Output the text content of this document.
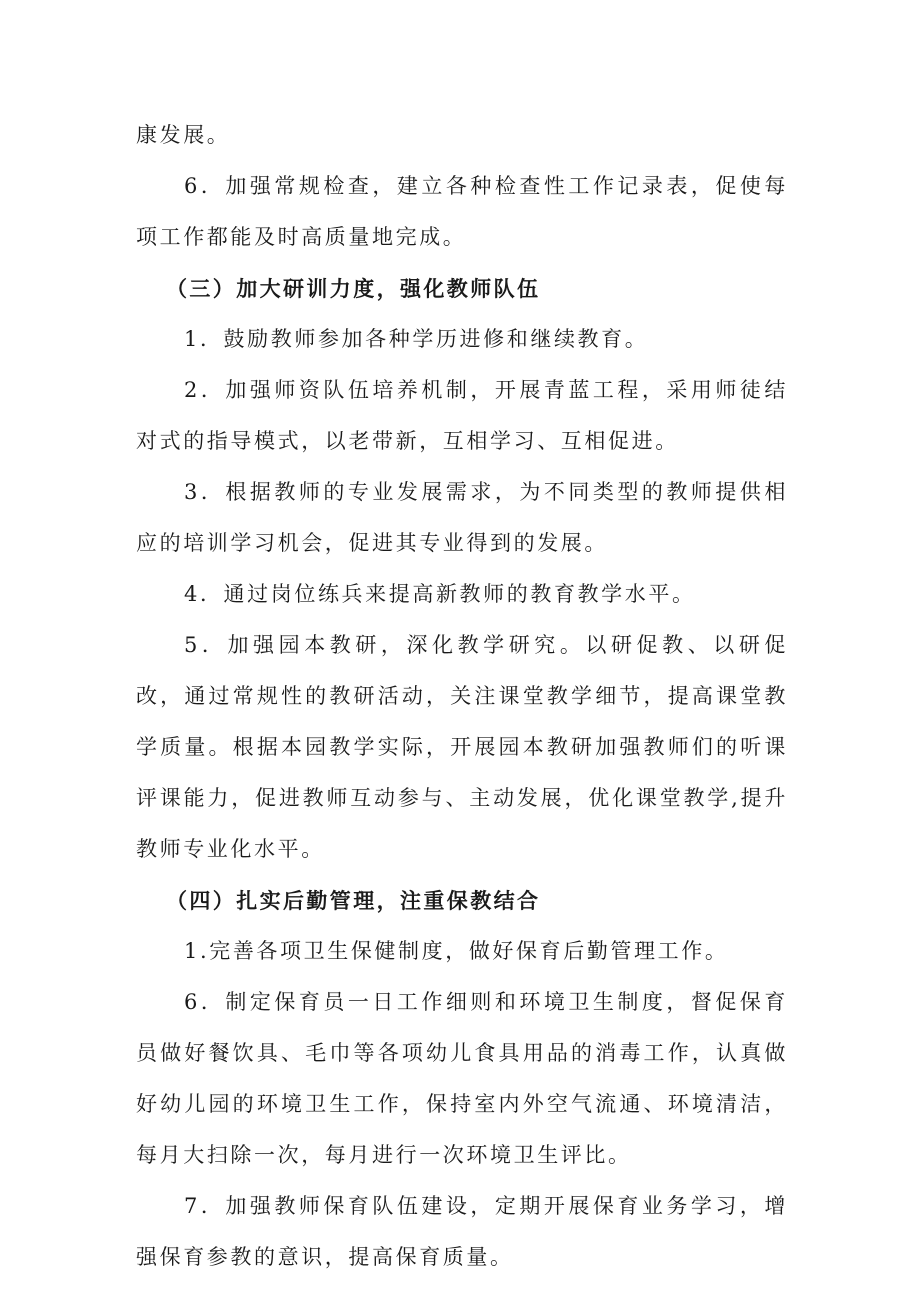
康发展。

6．加强常规检查，建立各种检查性工作记录表，促使每项工作都能及时高质量地完成。

（三）加大研训力度，强化教师队伍

1．鼓励教师参加各种学历进修和继续教育。

2．加强师资队伍培养机制，开展青蓝工程，采用师徒结对式的指导模式，以老带新，互相学习、互相促进。

3．根据教师的专业发展需求，为不同类型的教师提供相应的培训学习机会，促进其专业得到的发展。

4．通过岗位练兵来提高新教师的教育教学水平。

5．加强园本教研，深化教学研究。以研促教、以研促改，通过常规性的教研活动，关注课堂教学细节，提高课堂教学质量。根据本园教学实际，开展园本教研加强教师们的听课评课能力，促进教师互动参与、主动发展，优化课堂教学,提升教师专业化水平。

（四）扎实后勤管理，注重保教结合

1.完善各项卫生保健制度，做好保育后勤管理工作。

6．制定保育员一日工作细则和环境卫生制度，督促保育员做好餐饮具、毛巾等各项幼儿食具用品的消毒工作，认真做好幼儿园的环境卫生工作，保持室内外空气流通、环境清洁，每月大扫除一次，每月进行一次环境卫生评比。

7．加强教师保育队伍建设，定期开展保育业务学习，增强保育参教的意识，提高保育质量。
